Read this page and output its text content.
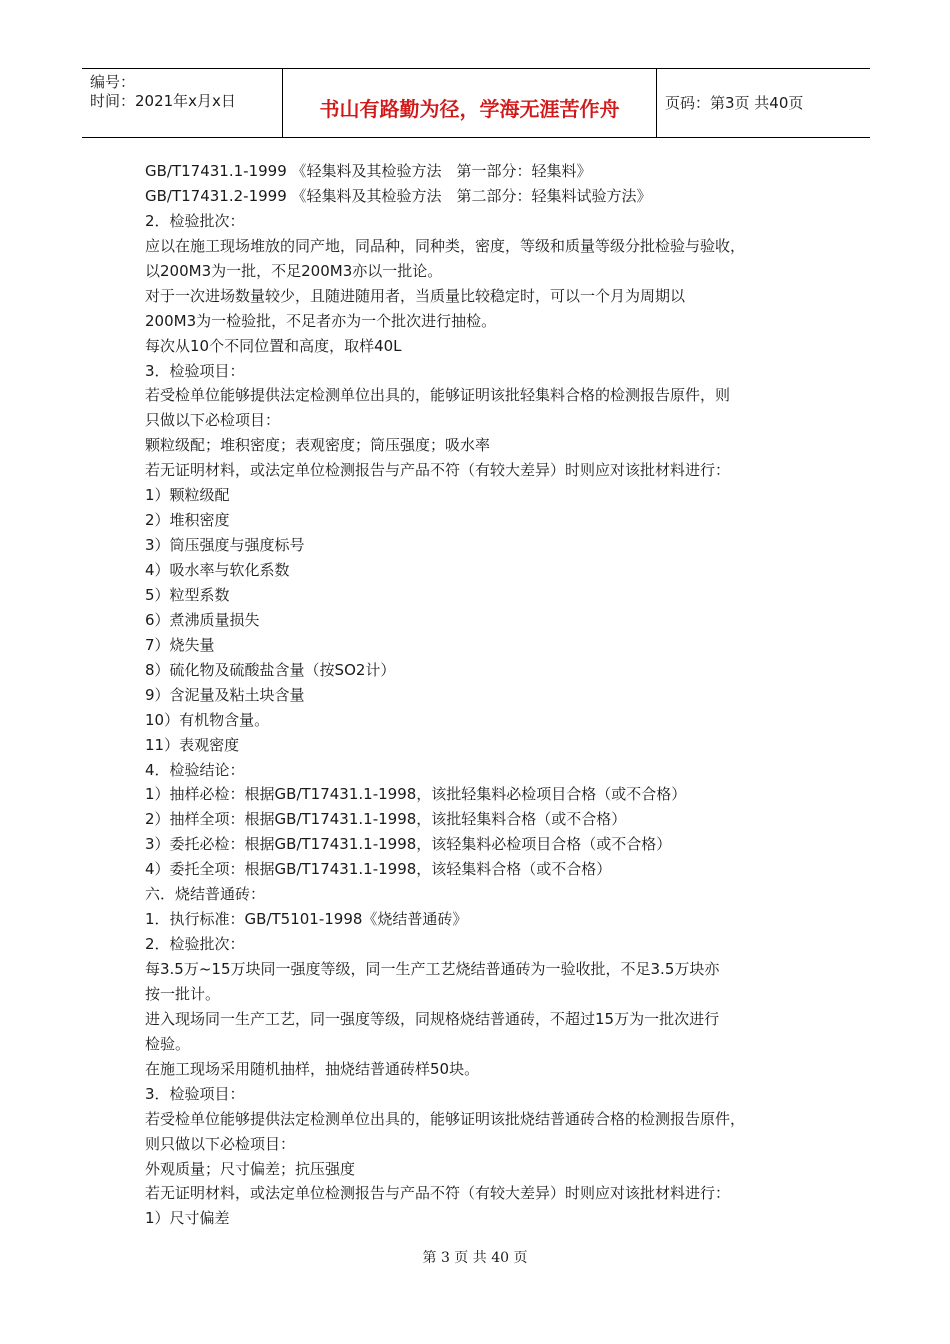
编号：
时间：2021年x月x日	书山有路勤为径，学海无涯苦作舟	页码：第3页 共40页
GB/T17431.1-1999 《轻集料及其检验方法　第一部分：轻集料》
GB/T17431.2-1999 《轻集料及其检验方法　第二部分：轻集料试验方法》
2．检验批次：
应以在施工现场堆放的同产地，同品种，同种类，密度，等级和质量等级分批检验与验收，
以200M3为一批，不足200M3亦以一批论。
对于一次进场数量较少，且随进随用者，当质量比较稳定时，可以一个月为周期以
200M3为一检验批，不足者亦为一个批次进行抽检。
每次从10个不同位置和高度，取样40L
3．检验项目：
若受检单位能够提供法定检测单位出具的，能够证明该批轻集料合格的检测报告原件，则
只做以下必检项目：
颗粒级配；堆积密度；表观密度；筒压强度；吸水率
若无证明材料，或法定单位检测报告与产品不符（有较大差异）时则应对该批材料进行：
1）颗粒级配
2）堆积密度
3）筒压强度与强度标号
4）吸水率与软化系数
5）粒型系数
6）煮沸质量损失
7）烧失量
8）硫化物及硫酸盐含量（按SO2计）
9）含泥量及粘土块含量
10）有机物含量。
11）表观密度
4．检验结论：
1）抽样必检：根据GB/T17431.1-1998，该批轻集料必检项目合格（或不合格）
2）抽样全项：根据GB/T17431.1-1998，该批轻集料合格（或不合格）
3）委托必检：根据GB/T17431.1-1998，该轻集料必检项目合格（或不合格）
4）委托全项：根据GB/T17431.1-1998，该轻集料合格（或不合格）
六．烧结普通砖：
1．执行标准：GB/T5101-1998《烧结普通砖》
2．检验批次：
每3.5万~15万块同一强度等级，同一生产工艺烧结普通砖为一验收批，不足3.5万块亦
按一批计。
进入现场同一生产工艺，同一强度等级，同规格烧结普通砖，不超过15万为一批次进行
检验。
在施工现场采用随机抽样，抽烧结普通砖样50块。
3．检验项目：
若受检单位能够提供法定检测单位出具的，能够证明该批烧结普通砖合格的检测报告原件，
则只做以下必检项目：
外观质量；尺寸偏差；抗压强度
若无证明材料，或法定单位检测报告与产品不符（有较大差异）时则应对该批材料进行：
1）尺寸偏差
第 3 页 共 40 页
